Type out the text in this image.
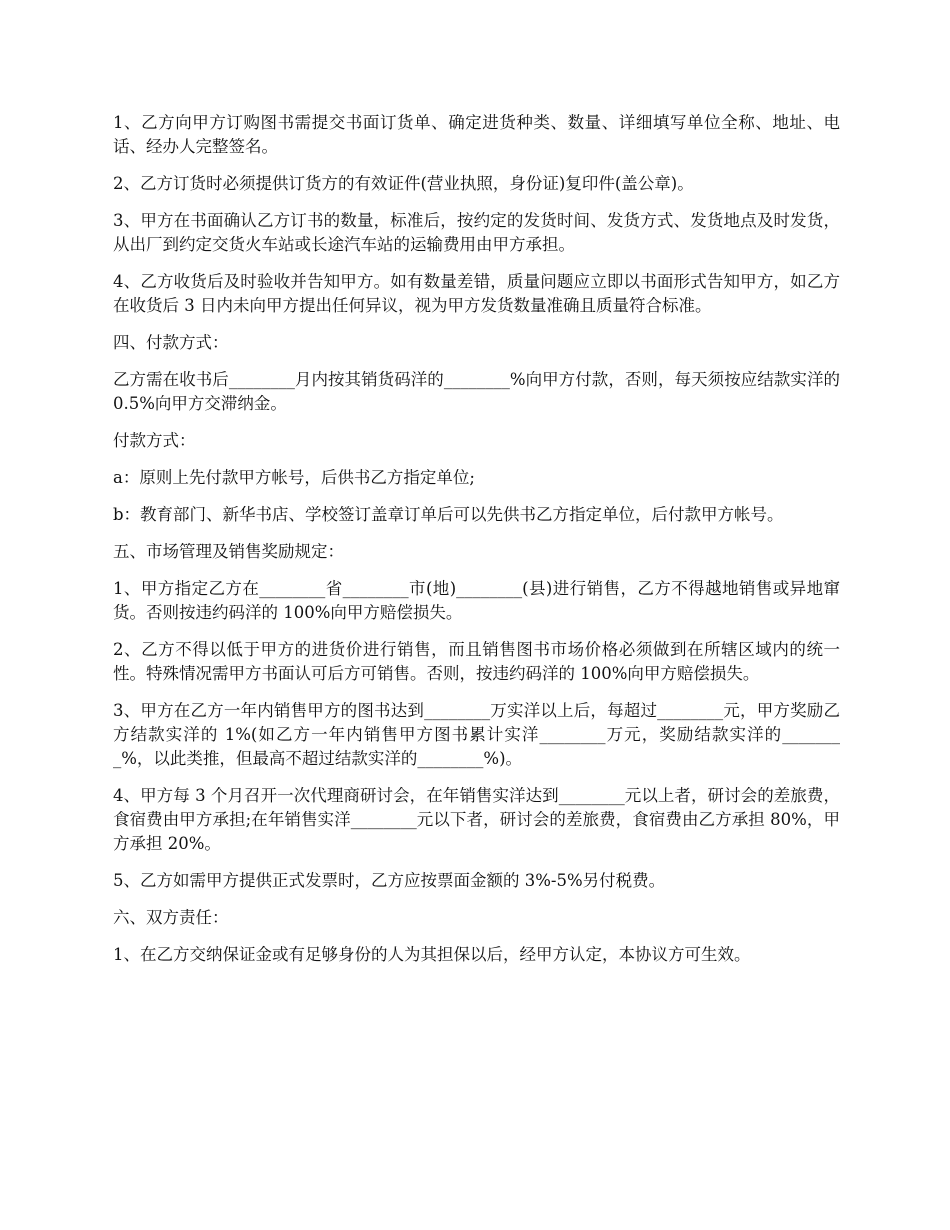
1、乙方向甲方订购图书需提交书面订货单、确定进货种类、数量、详细填写单位全称、地址、电话、经办人完整签名。

2、乙方订货时必须提供订货方的有效证件(营业执照，身份证)复印件(盖公章)。

3、甲方在书面确认乙方订书的数量，标准后，按约定的发货时间、发货方式、发货地点及时发货，从出厂到约定交货火车站或长途汽车站的运输费用由甲方承担。

4、乙方收货后及时验收并告知甲方。如有数量差错，质量问题应立即以书面形式告知甲方，如乙方在收货后 3 日内未向甲方提出任何异议，视为甲方发货数量准确且质量符合标准。

四、付款方式：

乙方需在收书后________月内按其销货码洋的________%向甲方付款，否则，每天须按应结款实洋的 0.5%向甲方交滞纳金。

付款方式：

a：原则上先付款甲方帐号，后供书乙方指定单位;

b：教育部门、新华书店、学校签订盖章订单后可以先供书乙方指定单位，后付款甲方帐号。

五、市场管理及销售奖励规定：

1、甲方指定乙方在________省________市(地)________(县)进行销售，乙方不得越地销售或异地窜货。否则按违约码洋的 100%向甲方赔偿损失。

2、乙方不得以低于甲方的进货价进行销售，而且销售图书市场价格必须做到在所辖区域内的统一性。特殊情况需甲方书面认可后方可销售。否则，按违约码洋的 100%向甲方赔偿损失。

3、甲方在乙方一年内销售甲方的图书达到________万实洋以上后，每超过________元，甲方奖励乙方结款实洋的 1%(如乙方一年内销售甲方图书累计实洋________万元，奖励结款实洋的________%，以此类推，但最高不超过结款实洋的________%)。

4、甲方每 3 个月召开一次代理商研讨会，在年销售实洋达到________元以上者，研讨会的差旅费，食宿费由甲方承担;在年销售实洋________元以下者，研讨会的差旅费，食宿费由乙方承担 80%，甲方承担 20%。

5、乙方如需甲方提供正式发票时，乙方应按票面金额的 3%-5%另付税费。

六、双方责任：

1、在乙方交纳保证金或有足够身份的人为其担保以后，经甲方认定，本协议方可生效。
